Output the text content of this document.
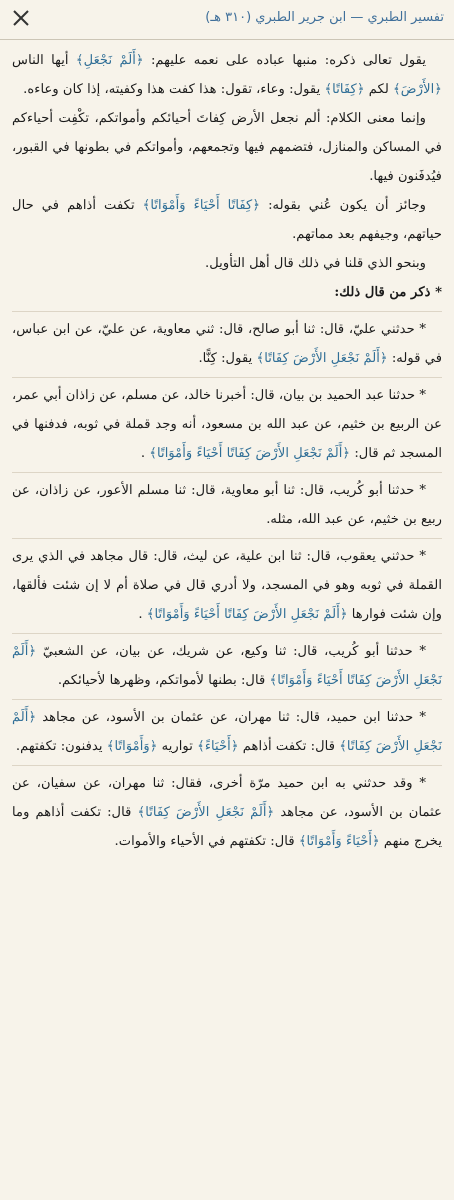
تفسير الطبري — ابن جرير الطبري (٣١٠ هـ)

يقول تعالى ذكره: منبها عباده على نعمه عليهم: ﴿أَلَمْ نَجْعَلِ﴾ أيها الناس ﴿الأَرْضَ﴾ لكم ﴿كِفَاتًا﴾ يقول: وعاء، تقول: هذا كفت هذا وكفيته، إذا كان وعاءه.

وإنما معنى الكلام: ألم نجعل الأرض كِفاتَ أحيائكم وأمواتكم، تكْفِت أحياءكم في المساكن والمنازل، فتضمهم فيها وتجمعهم، وأمواتكم في بطونها في القبور، فيُدفَنون فيها.

وجائز أن يكون عُني بقوله: ﴿كِفَاتًا أَحْيَاءً وَأَمْوَاتًا﴾ تكفت أذاهم في حال حياتهم، وجيفهم بعد مماتهم.

وبنحو الذي قلنا في ذلك قال أهل التأويل.

* ذكر من قال ذلك:

* حدثني عليّ، قال: ثنا أبو صالح، قال: ثني معاوية، عن عليّ، عن ابن عباس، في قوله: ﴿أَلَمْ نَجْعَلِ الأَرْضَ كِفَاتًا﴾ يقول: كِنًّا.

* حدثنا عبد الحميد بن بيان، قال: أخبرنا خالد، عن مسلم، عن زاذان أبي عمر، عن الربيع بن خثيم، عن عبد الله بن مسعود، أنه وجد قملة في ثوبه، فدفنها في المسجد ثم قال: ﴿أَلَمْ نَجْعَلِ الأَرْضَ كِفَاتًا أَحْيَاءً وَأَمْوَاتًا﴾ .

* حدثنا أبو كُريب، قال: ثنا أبو معاوية، قال: ثنا مسلم الأعور، عن زاذان، عن ربيع بن خثيم، عن عبد الله، مثله.

* حدثني يعقوب، قال: ثنا ابن علية، عن ليث، قال: قال مجاهد في الذي يرى القملة في ثوبه وهو في المسجد، ولا أدري قال في صلاة أم لا إن شئت فألقها، وإن شئت فوارها ﴿أَلَمْ نَجْعَلِ الأَرْضَ كِفَاتًا أَحْيَاءً وَأَمْوَاتًا﴾ .

* حدثنا أبو كُريب، قال: ثنا وكيع، عن شريك، عن بيان، عن الشعبيّ ﴿أَلَمْ نَجْعَلِ الأَرْضَ كِفَاتًا أَحْيَاءً وَأَمْوَاتًا﴾ قال: بطنها لأمواتكم، وظهرها لأحيائكم.

* حدثنا ابن حميد، قال: ثنا مهران، عن عثمان بن الأسود، عن مجاهد ﴿أَلَمْ نَجْعَلِ الأَرْضَ كِفَاتًا﴾ قال: تكفت أذاهم ﴿أَحْيَاءً﴾ تواريه ﴿وَأَمْوَاتًا﴾ يدفنون: تكفتهم.

* وقد حدثني به ابن حميد مرّة أخرى، فقال: ثنا مهران، عن سفيان، عن عثمان بن الأسود، عن مجاهد ﴿أَلَمْ نَجْعَلِ الأَرْضَ كِفَاتًا﴾ قال: تكفت أذاهم وما يخرج منهم ﴿أَحْيَاءً وَأَمْوَاتًا﴾ قال: تكفتهم في الأحياء والأموات.
